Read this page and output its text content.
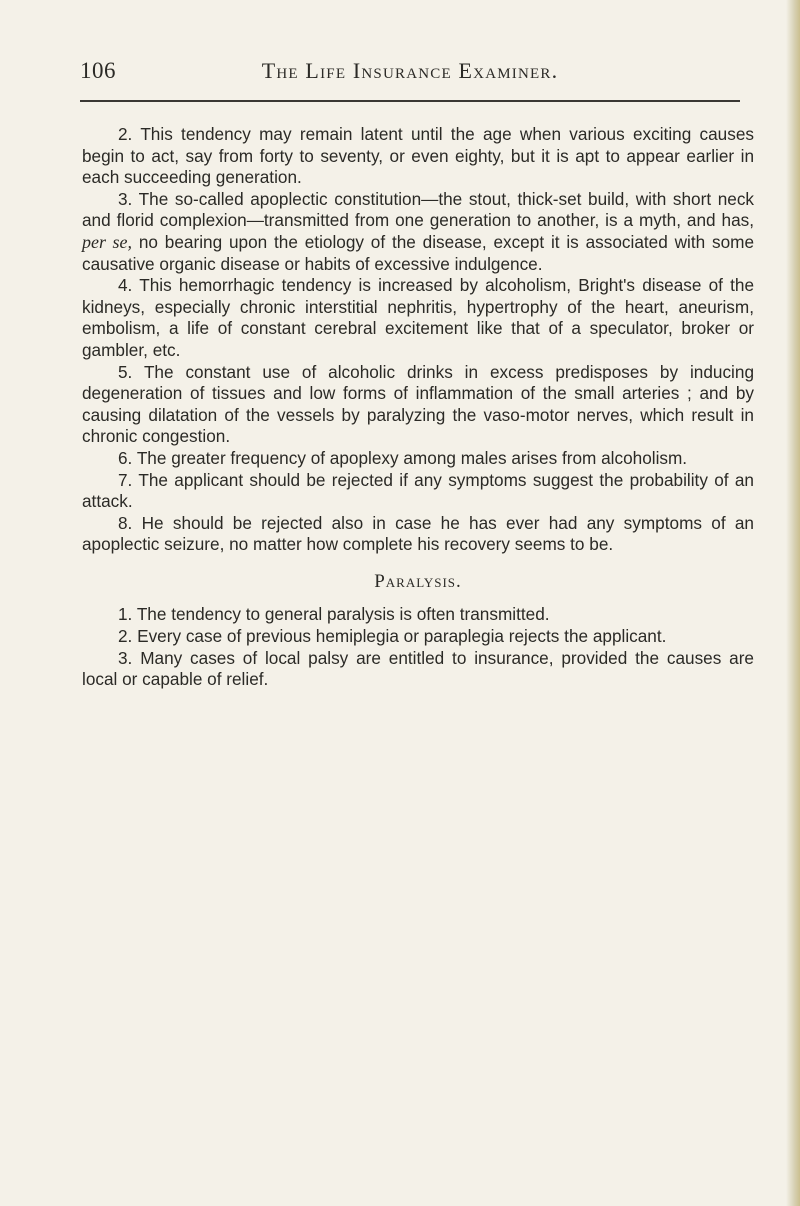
106	The Life Insurance Examiner.

2. This tendency may remain latent until the age when various exciting causes begin to act, say from forty to seventy, or even eighty, but it is apt to appear earlier in each succeeding generation.

3. The so-called apoplectic constitution—the stout, thick-set build, with short neck and florid complexion—transmitted from one generation to another, is a myth, and has, per se, no bearing upon the etiology of the disease, except it is associated with some causative organic disease or habits of excessive indulgence.

4. This hemorrhagic tendency is increased by alcoholism, Bright's disease of the kidneys, especially chronic interstitial nephritis, hypertrophy of the heart, aneurism, embolism, a life of constant cerebral excitement like that of a speculator, broker or gambler, etc.

5. The constant use of alcoholic drinks in excess predisposes by inducing degeneration of tissues and low forms of inflammation of the small arteries ; and by causing dilatation of the vessels by paralyzing the vaso-motor nerves, which result in chronic congestion.

6. The greater frequency of apoplexy among males arises from alcoholism.

7. The applicant should be rejected if any symptoms suggest the probability of an attack.

8. He should be rejected also in case he has ever had any symptoms of an apoplectic seizure, no matter how complete his recovery seems to be.

Paralysis.

1. The tendency to general paralysis is often transmitted.

2. Every case of previous hemiplegia or paraplegia rejects the applicant.

3. Many cases of local palsy are entitled to insurance, provided the causes are local or capable of relief.
